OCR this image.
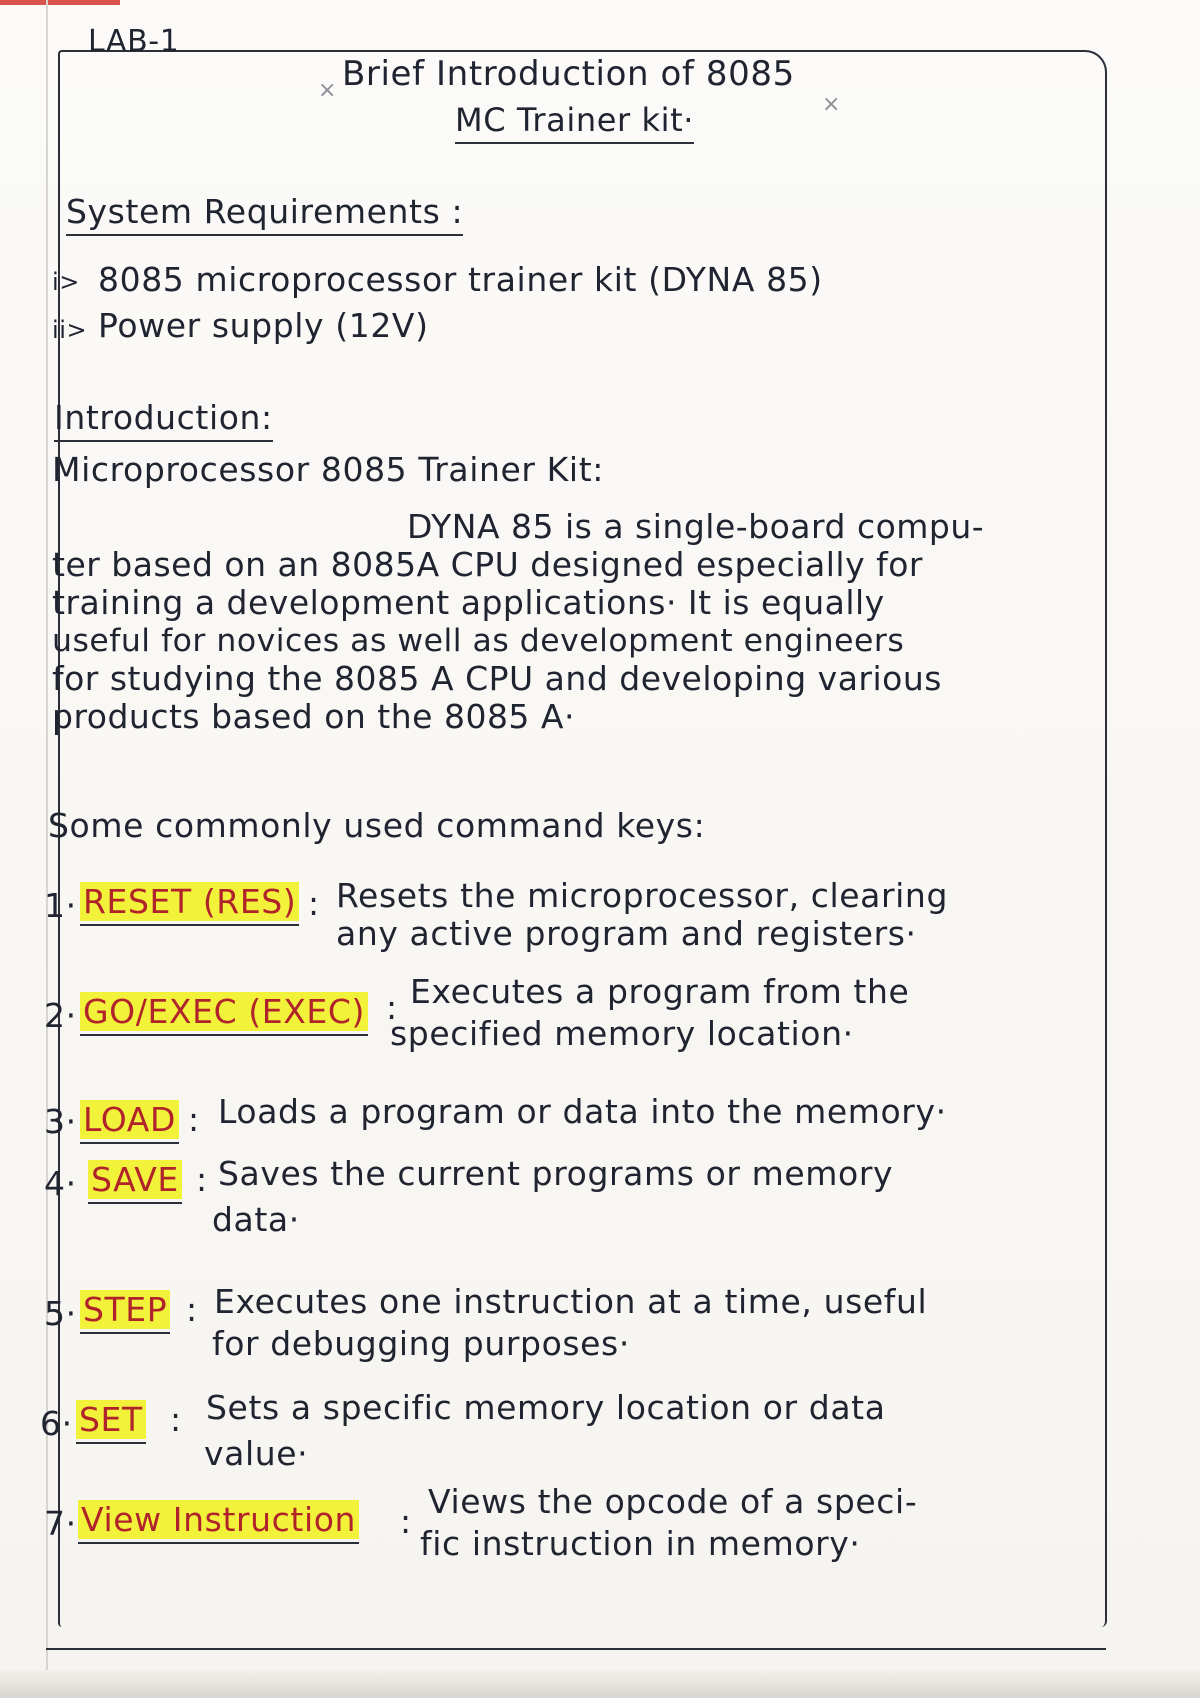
LAB-1
× Brief Introduction of 8085
×
MC Trainer kit·
System Requirements :
i> 8085 microprocessor trainer kit (DYNA 85)
ii> Power supply (12V)
Introduction:
Microprocessor 8085 Trainer Kit:
DYNA 85 is a single-board compu-
ter based on an 8085A CPU designed especially for
training a development applications· It is equally
useful for novices as well as development engineers
for studying the 8085 A CPU and developing various
products based on the 8085 A·
Some commonly used command keys:
1· RESET (RES) : Resets the microprocessor, clearing
any active program and registers·
2· GO/EXEC (EXEC) : Executes a program from the
specified memory location·
3· LOAD : Loads a program or data into the memory·
4· SAVE : Saves the current programs or memory
data·
5· STEP : Executes one instruction at a time, useful
for debugging purposes·
6· SET : Sets a specific memory location or data
value·
7· View Instruction :
Views the opcode of a speci-
fic instruction in memory·
